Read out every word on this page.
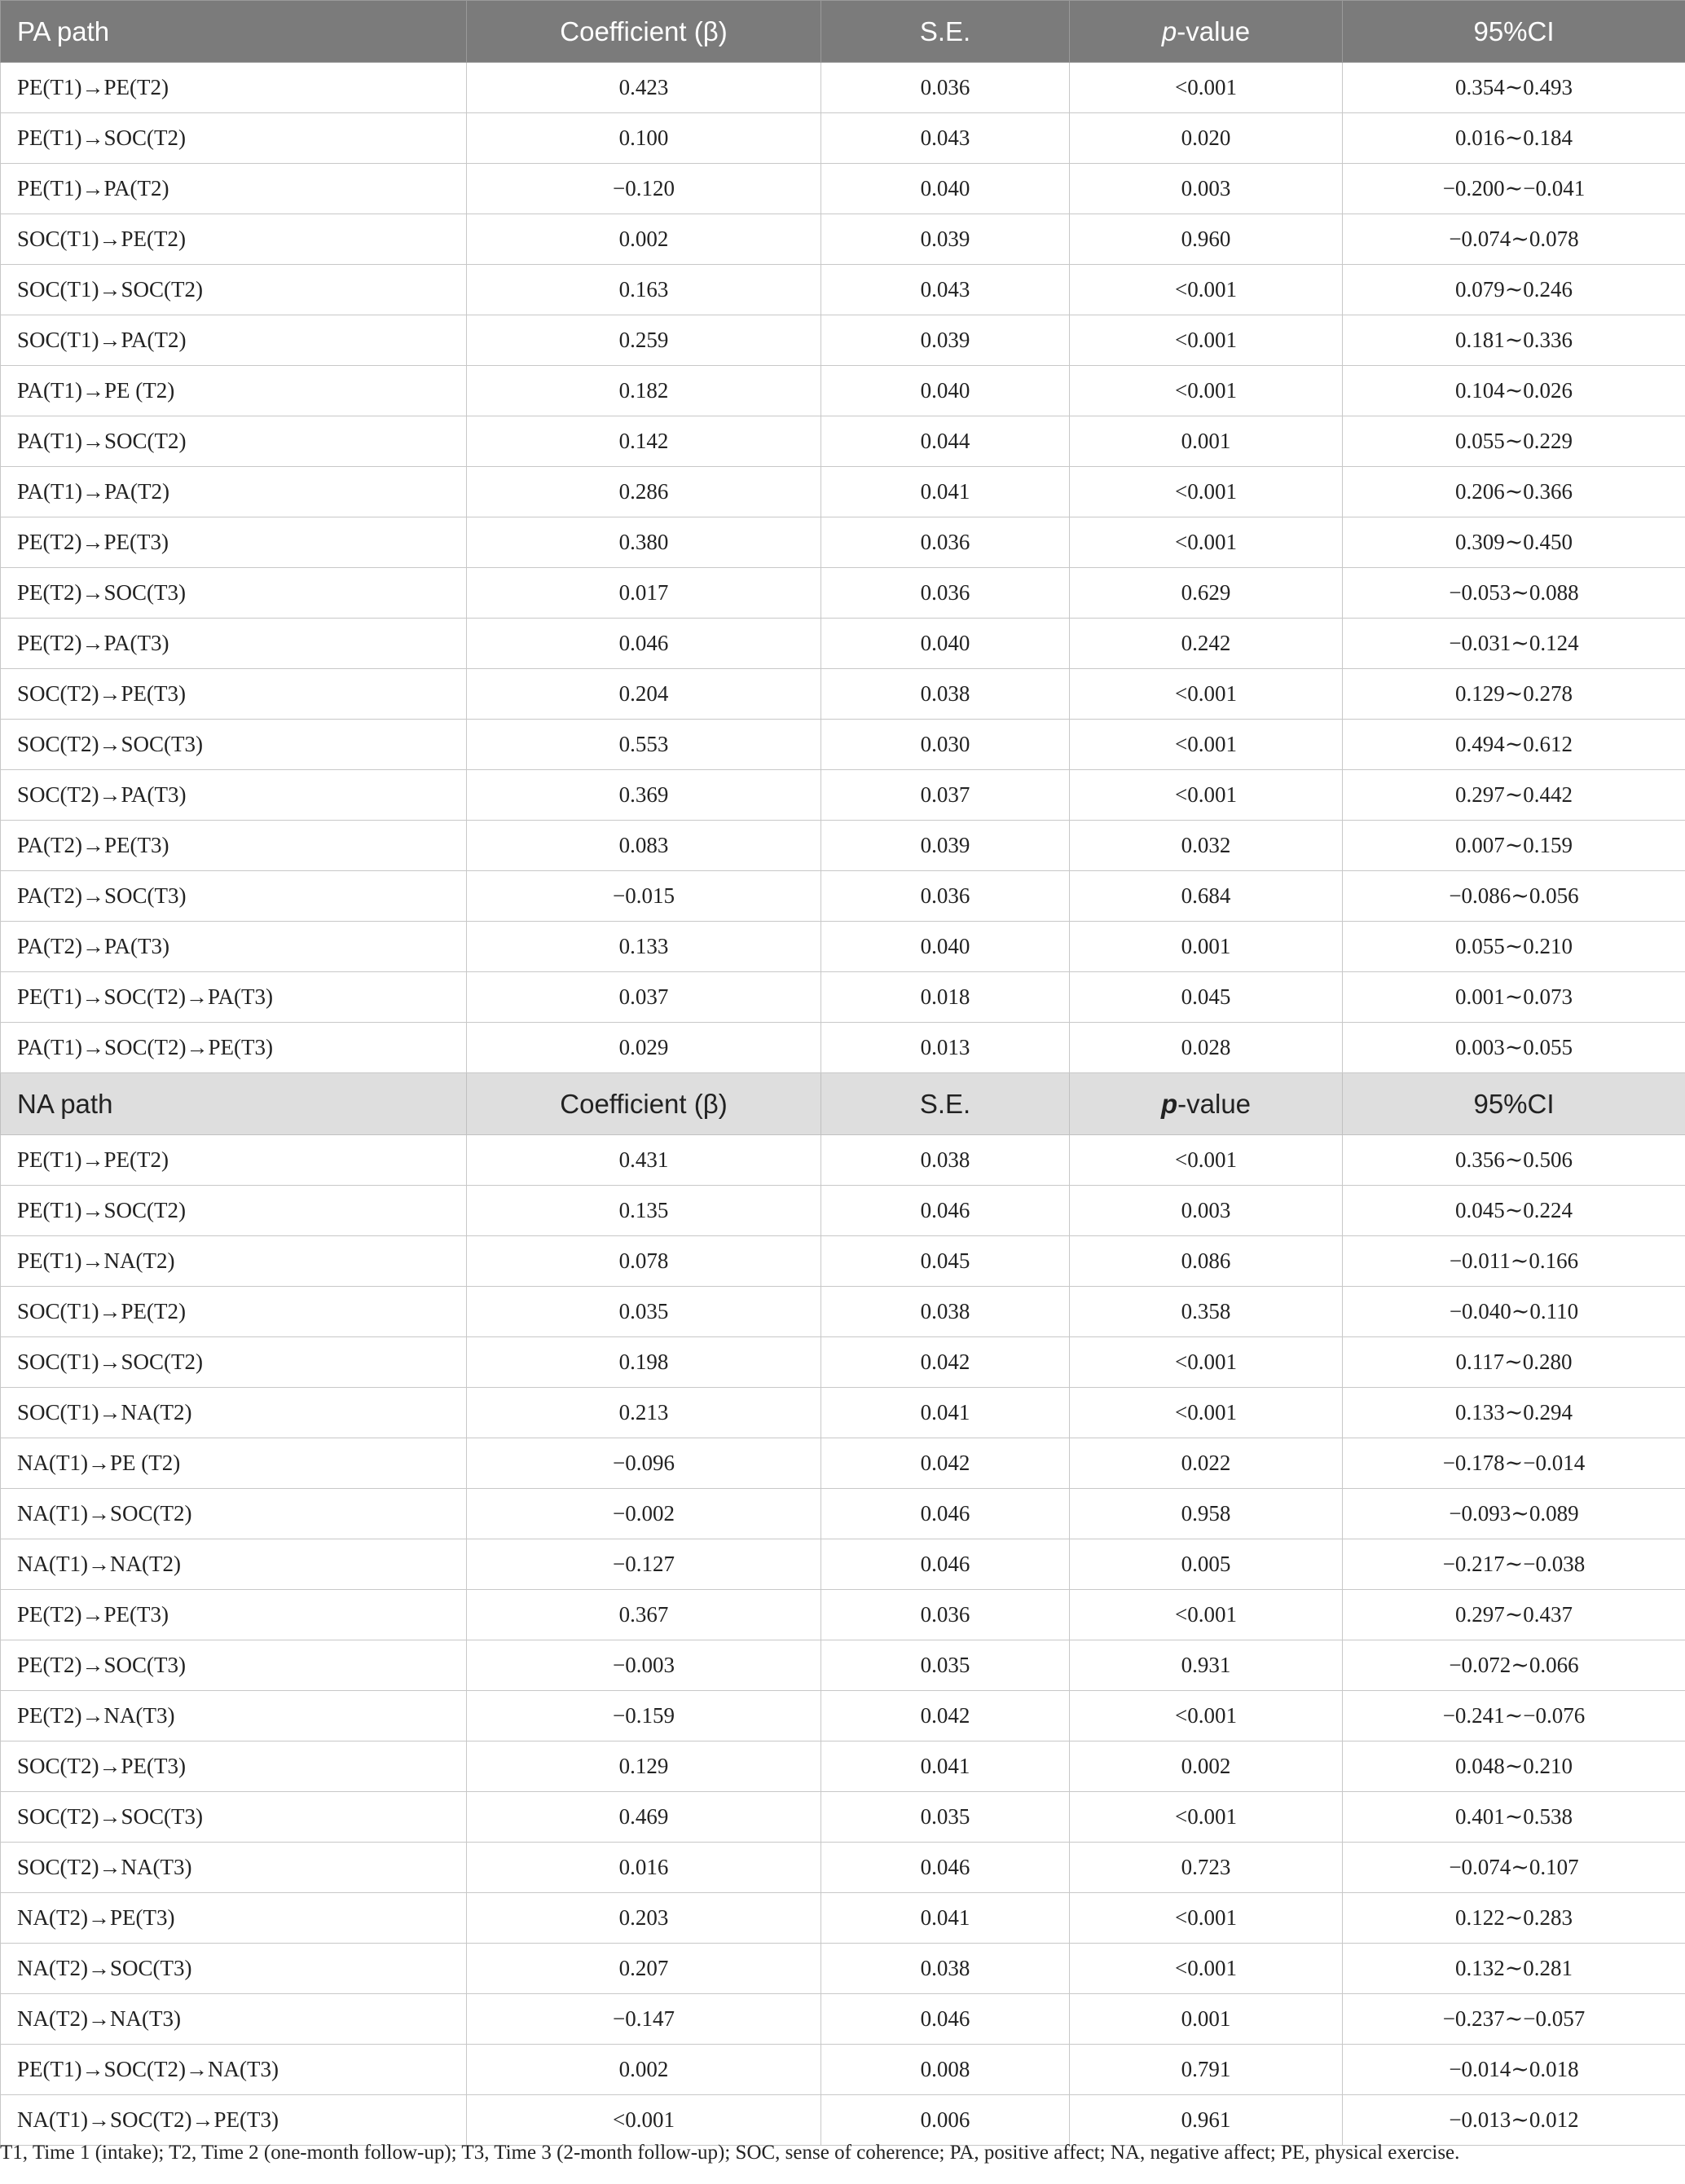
PA path	Coefficient (β)	S.E.	p-value	95%CI
PE(T1)→PE(T2)	0.423	0.036	<0.001	0.354∼0.493
PE(T1)→SOC(T2)	0.100	0.043	0.020	0.016∼0.184
PE(T1)→PA(T2)	−0.120	0.040	0.003	−0.200∼−0.041
SOC(T1)→PE(T2)	0.002	0.039	0.960	−0.074∼0.078
SOC(T1)→SOC(T2)	0.163	0.043	<0.001	0.079∼0.246
SOC(T1)→PA(T2)	0.259	0.039	<0.001	0.181∼0.336
PA(T1)→PE (T2)	0.182	0.040	<0.001	0.104∼0.026
PA(T1)→SOC(T2)	0.142	0.044	0.001	0.055∼0.229
PA(T1)→PA(T2)	0.286	0.041	<0.001	0.206∼0.366
PE(T2)→PE(T3)	0.380	0.036	<0.001	0.309∼0.450
PE(T2)→SOC(T3)	0.017	0.036	0.629	−0.053∼0.088
PE(T2)→PA(T3)	0.046	0.040	0.242	−0.031∼0.124
SOC(T2)→PE(T3)	0.204	0.038	<0.001	0.129∼0.278
SOC(T2)→SOC(T3)	0.553	0.030	<0.001	0.494∼0.612
SOC(T2)→PA(T3)	0.369	0.037	<0.001	0.297∼0.442
PA(T2)→PE(T3)	0.083	0.039	0.032	0.007∼0.159
PA(T2)→SOC(T3)	−0.015	0.036	0.684	−0.086∼0.056
PA(T2)→PA(T3)	0.133	0.040	0.001	0.055∼0.210
PE(T1)→SOC(T2)→PA(T3)	0.037	0.018	0.045	0.001∼0.073
PA(T1)→SOC(T2)→PE(T3)	0.029	0.013	0.028	0.003∼0.055
NA path	Coefficient (β)	S.E.	p-value	95%CI
PE(T1)→PE(T2)	0.431	0.038	<0.001	0.356∼0.506
PE(T1)→SOC(T2)	0.135	0.046	0.003	0.045∼0.224
PE(T1)→NA(T2)	0.078	0.045	0.086	−0.011∼0.166
SOC(T1)→PE(T2)	0.035	0.038	0.358	−0.040∼0.110
SOC(T1)→SOC(T2)	0.198	0.042	<0.001	0.117∼0.280
SOC(T1)→NA(T2)	0.213	0.041	<0.001	0.133∼0.294
NA(T1)→PE (T2)	−0.096	0.042	0.022	−0.178∼−0.014
NA(T1)→SOC(T2)	−0.002	0.046	0.958	−0.093∼0.089
NA(T1)→NA(T2)	−0.127	0.046	0.005	−0.217∼−0.038
PE(T2)→PE(T3)	0.367	0.036	<0.001	0.297∼0.437
PE(T2)→SOC(T3)	−0.003	0.035	0.931	−0.072∼0.066
PE(T2)→NA(T3)	−0.159	0.042	<0.001	−0.241∼−0.076
SOC(T2)→PE(T3)	0.129	0.041	0.002	0.048∼0.210
SOC(T2)→SOC(T3)	0.469	0.035	<0.001	0.401∼0.538
SOC(T2)→NA(T3)	0.016	0.046	0.723	−0.074∼0.107
NA(T2)→PE(T3)	0.203	0.041	<0.001	0.122∼0.283
NA(T2)→SOC(T3)	0.207	0.038	<0.001	0.132∼0.281
NA(T2)→NA(T3)	−0.147	0.046	0.001	−0.237∼−0.057
PE(T1)→SOC(T2)→NA(T3)	0.002	0.008	0.791	−0.014∼0.018
NA(T1)→SOC(T2)→PE(T3)	<0.001	0.006	0.961	−0.013∼0.012
T1, Time 1 (intake); T2, Time 2 (one-month follow-up); T3, Time 3 (2-month follow-up); SOC, sense of coherence; PA, positive affect; NA, negative affect; PE, physical exercise.
